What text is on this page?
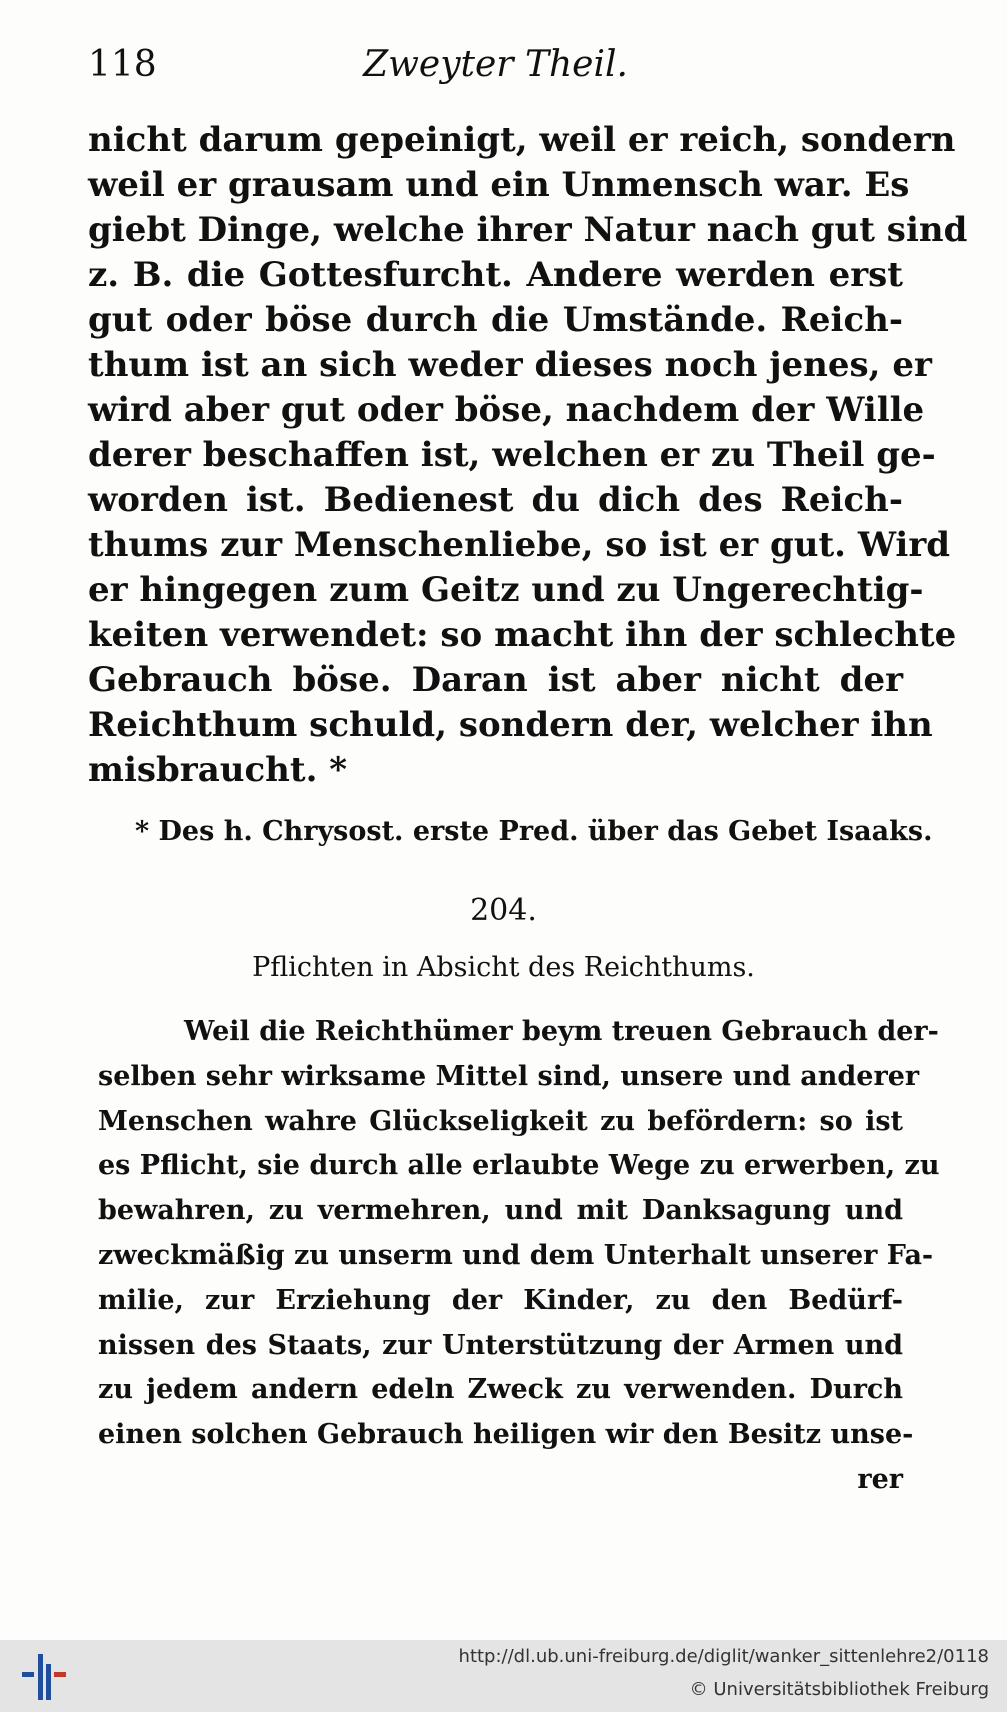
118	Zweyter Theil.
nicht darum gepeinigt, weil er reich, sondern
weil er grausam und ein Unmensch war. Es
giebt Dinge, welche ihrer Natur nach gut sind
z. B. die Gottesfurcht. Andere werden erst
gut oder böse durch die Umstände. Reich-
thum ist an sich weder dieses noch jenes, er
wird aber gut oder böse, nachdem der Wille
derer beschaffen ist, welchen er zu Theil ge-
worden ist. Bedienest du dich des Reich-
thums zur Menschenliebe, so ist er gut. Wird
er hingegen zum Geitz und zu Ungerechtig-
keiten verwendet: so macht ihn der schlechte
Gebrauch böse. Daran ist aber nicht der
Reichthum schuld, sondern der, welcher ihn
misbraucht. *
* Des h. Chrysost. erste Pred. über das Gebet Isaaks.
204.
Pflichten in Absicht des Reichthums.
Weil die Reichthümer beym treuen Gebrauch der-
selben sehr wirksame Mittel sind, unsere und anderer
Menschen wahre Glückseligkeit zu befördern: so ist
es Pflicht, sie durch alle erlaubte Wege zu erwerben, zu
bewahren, zu vermehren, und mit Danksagung und
zweckmäßig zu unserm und dem Unterhalt unserer Fa-
milie, zur Erziehung der Kinder, zu den Bedürf-
nissen des Staats, zur Unterstützung der Armen und
zu jedem andern edeln Zweck zu verwenden. Durch
einen solchen Gebrauch heiligen wir den Besitz unse-
rer
http://dl.ub.uni-freiburg.de/diglit/wanker_sittenlehre2/0118
© Universitätsbibliothek Freiburg
